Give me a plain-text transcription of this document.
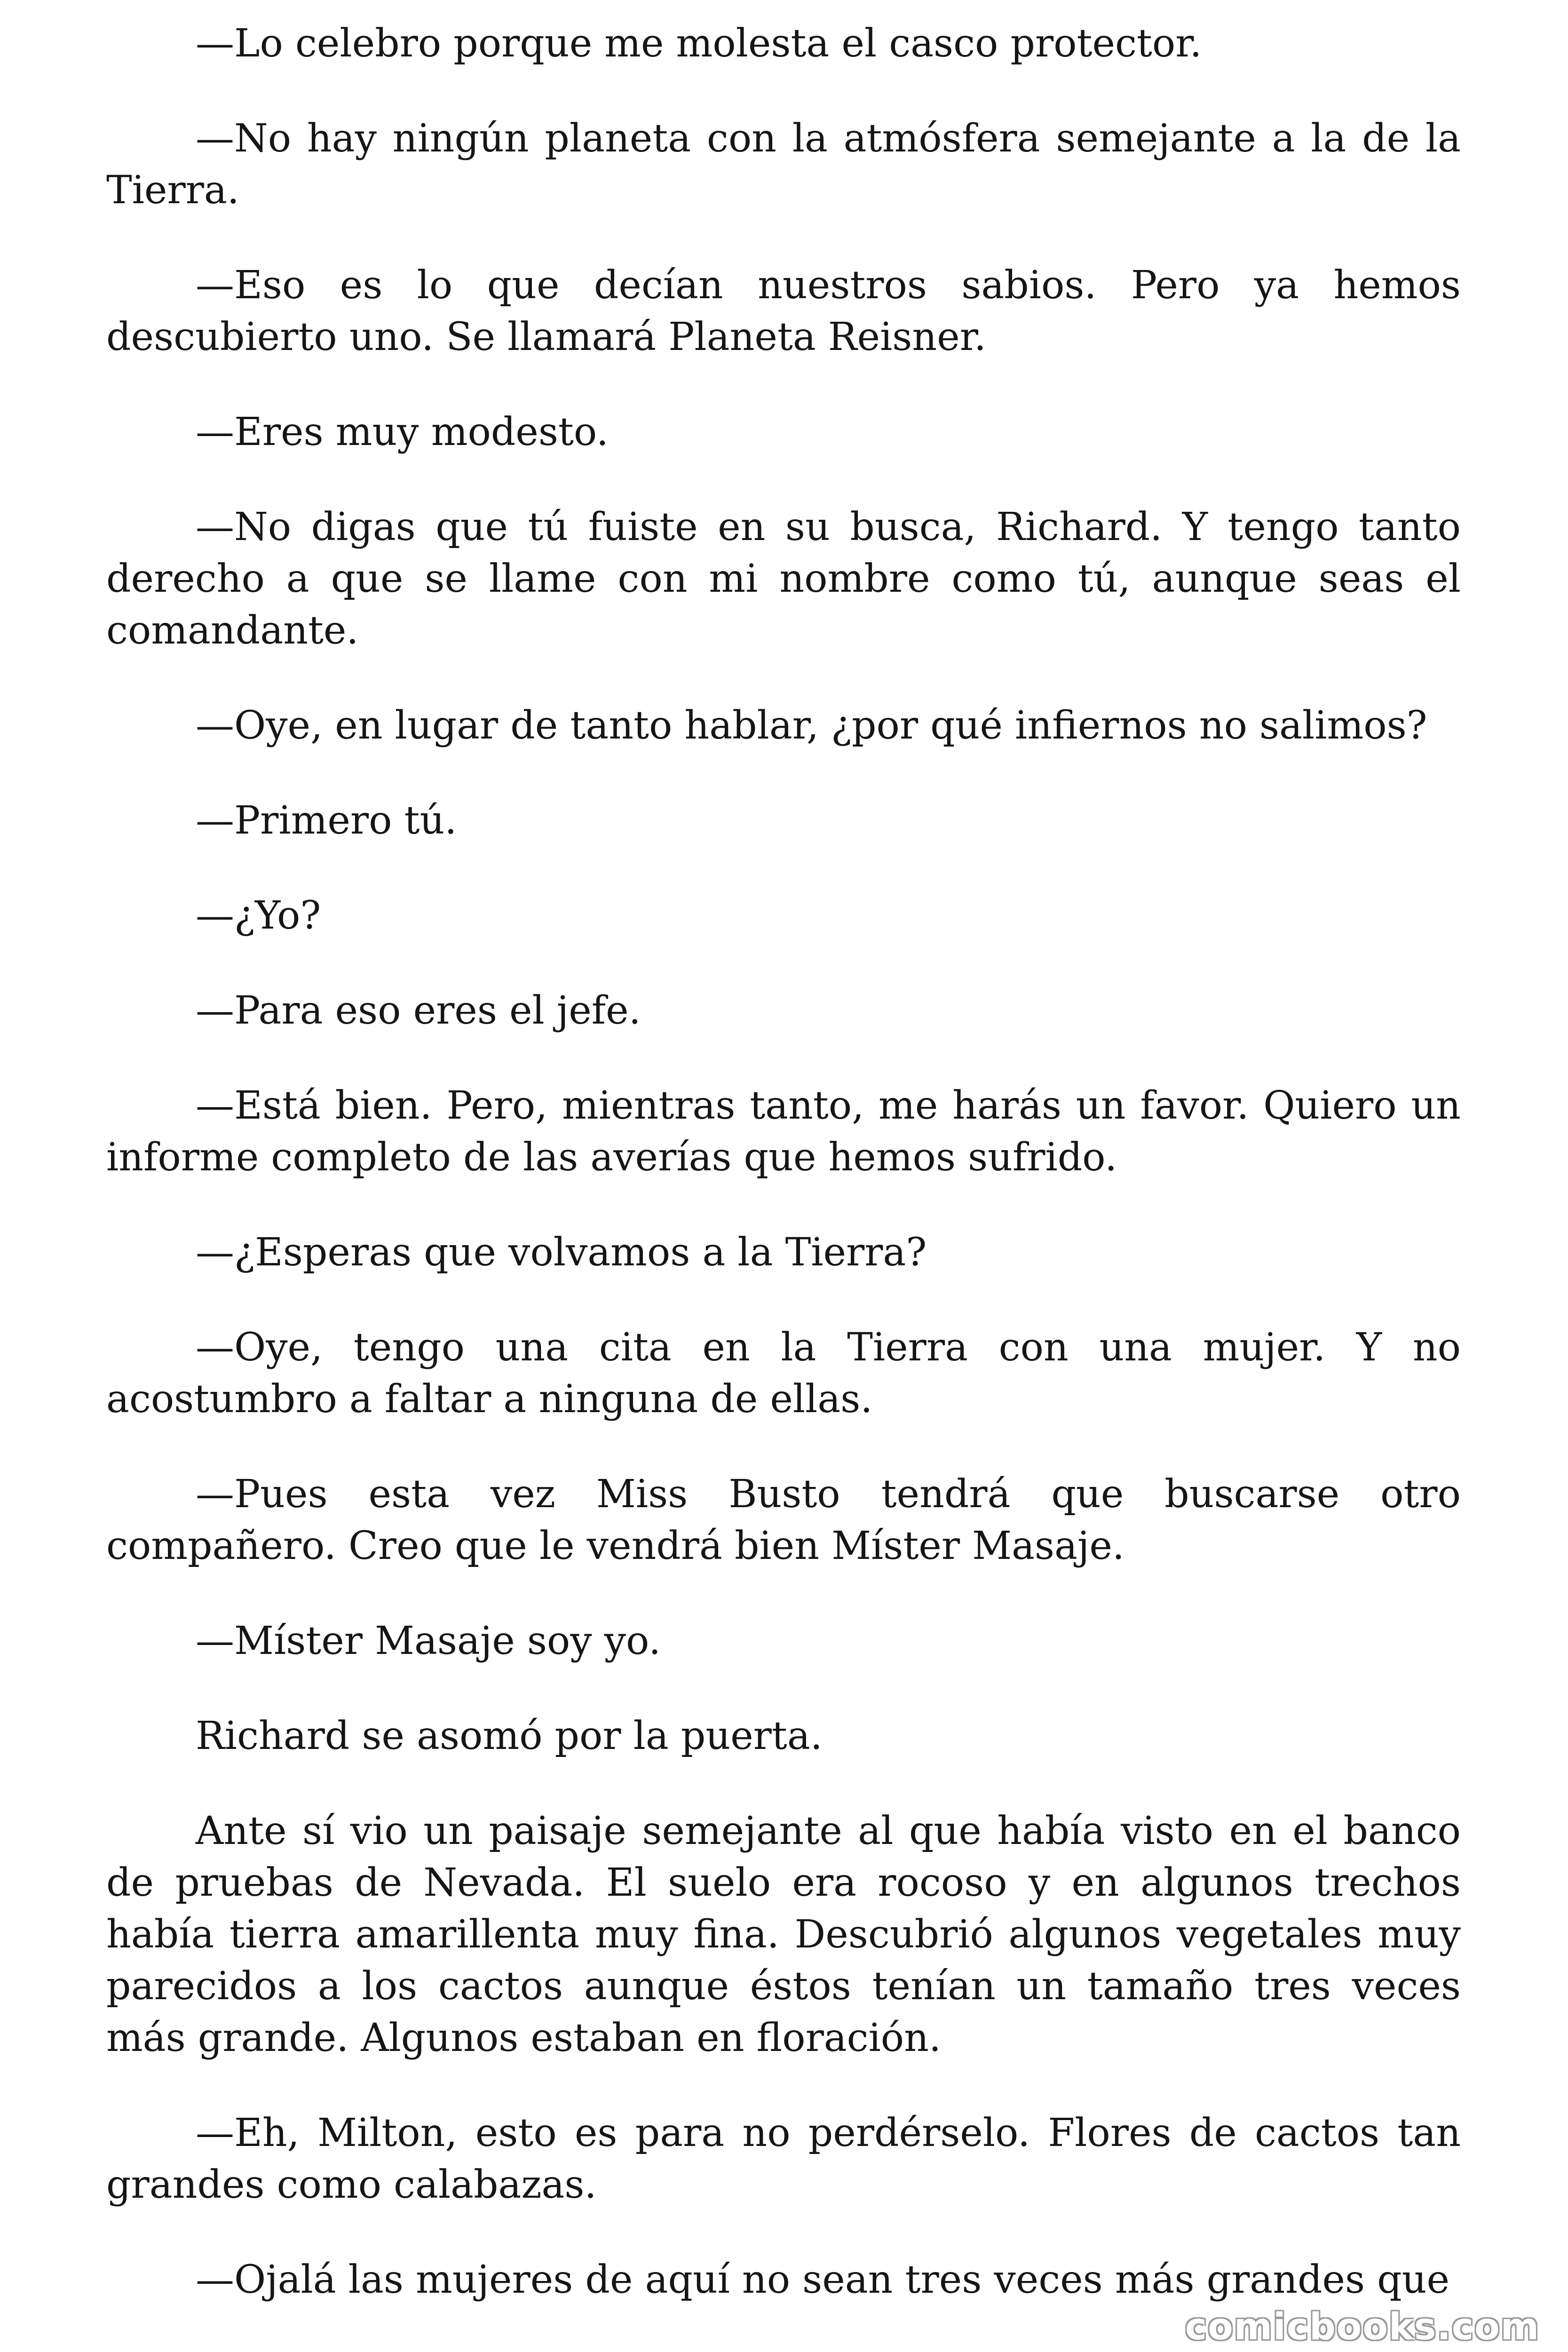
—Lo celebro porque me molesta el casco protector.

—No hay ningún planeta con la atmósfera semejante a la de la Tierra.

—Eso es lo que decían nuestros sabios. Pero ya hemos descubierto uno. Se llamará Planeta Reisner.

—Eres muy modesto.

—No digas que tú fuiste en su busca, Richard. Y tengo tanto derecho a que se llame con mi nombre como tú, aunque seas el comandante.

—Oye, en lugar de tanto hablar, ¿por qué infiernos no salimos?

—Primero tú.

—¿Yo?

—Para eso eres el jefe.

—Está bien. Pero, mientras tanto, me harás un favor. Quiero un informe completo de las averías que hemos sufrido.

—¿Esperas que volvamos a la Tierra?

—Oye, tengo una cita en la Tierra con una mujer. Y no acostumbro a faltar a ninguna de ellas.

—Pues esta vez Miss Busto tendrá que buscarse otro compañero. Creo que le vendrá bien Míster Masaje.

—Míster Masaje soy yo.

Richard se asomó por la puerta.

Ante sí vio un paisaje semejante al que había visto en el banco de pruebas de Nevada. El suelo era rocoso y en algunos trechos había tierra amarillenta muy fina. Descubrió algunos vegetales muy parecidos a los cactos aunque éstos tenían un tamaño tres veces más grande. Algunos estaban en floración.

—Eh, Milton, esto es para no perdérselo. Flores de cactos tan grandes como calabazas.

—Ojalá las mujeres de aquí no sean tres veces más grandes que

comicbooks.com
